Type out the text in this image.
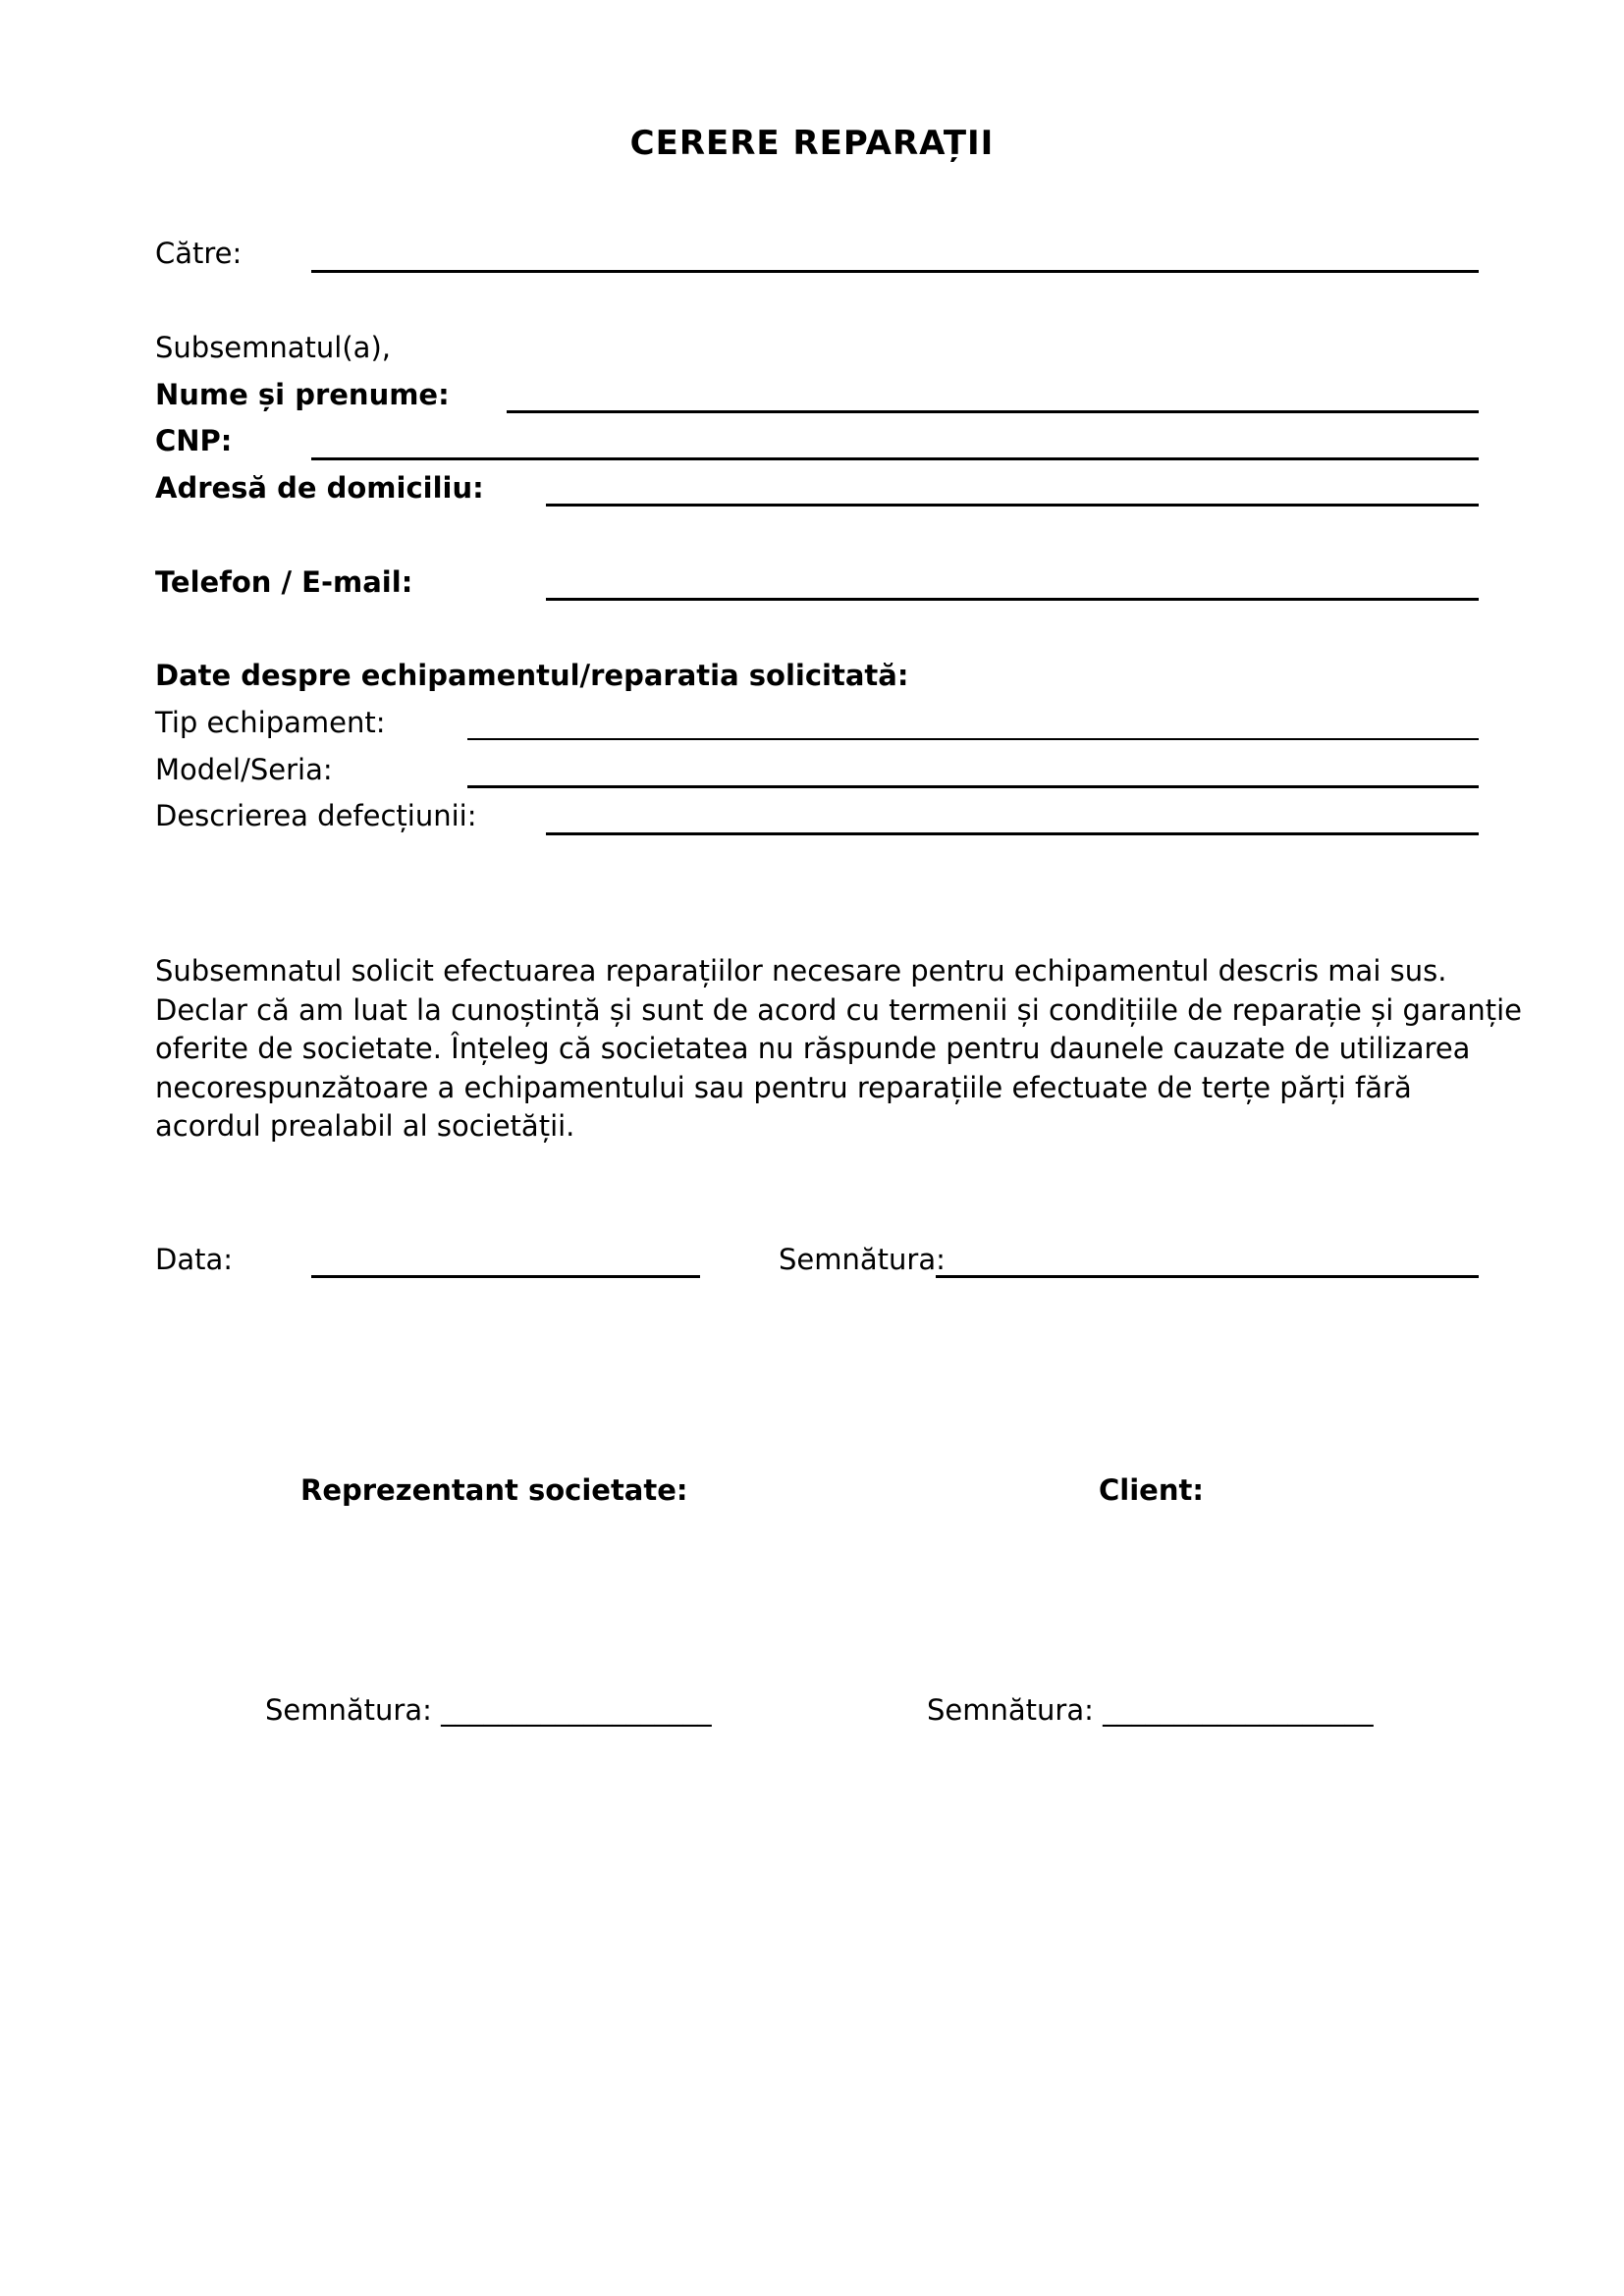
CERERE REPARAȚII
Către:
Subsemnatul(a),
Nume și prenume:
CNP:
Adresă de domiciliu:
Telefon / E-mail:
Date despre echipamentul/reparatia solicitată:
Tip echipament:
Model/Seria:
Descrierea defecțiunii:
Subsemnatul solicit efectuarea reparațiilor necesare pentru echipamentul descris mai sus.
Declar că am luat la cunoștință și sunt de acord cu termenii și condițiile de reparație și garanție
oferite de societate. Înțeleg că societatea nu răspunde pentru daunele cauzate de utilizarea
necorespunzătoare a echipamentului sau pentru reparațiile efectuate de terțe părți fără
acordul prealabil al societății.
Data:	Semnătura:
Reprezentant societate:	Client:
Semnătura: ___________________	Semnătura: ___________________
